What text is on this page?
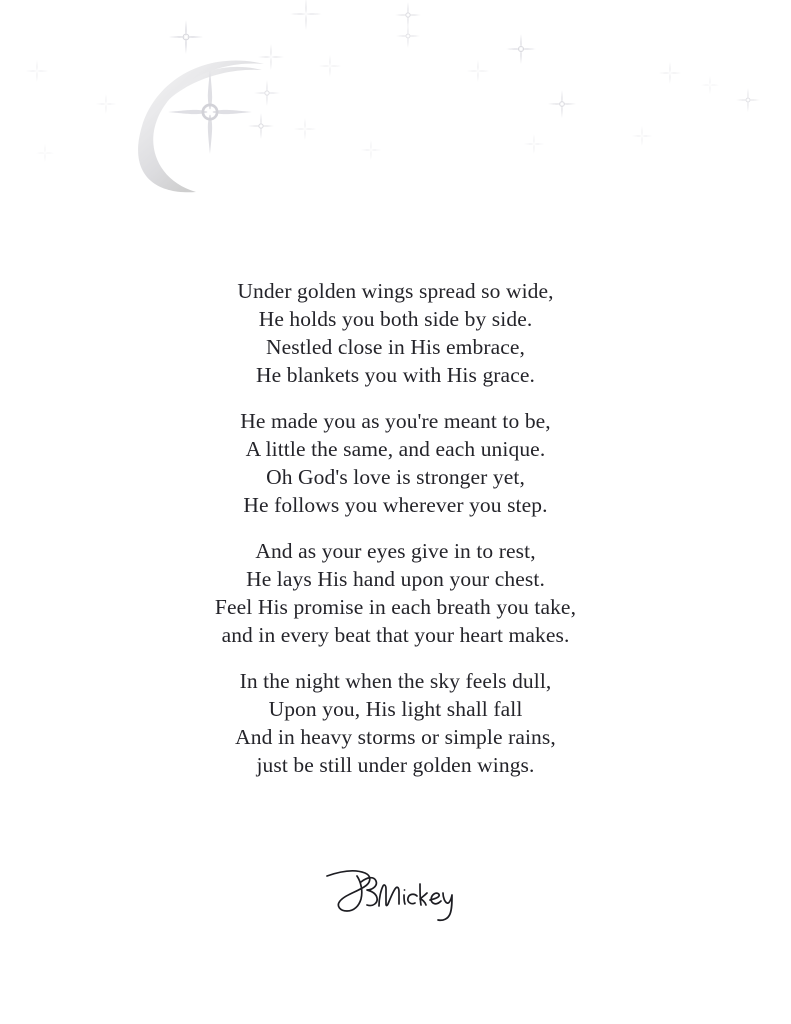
Under golden wings spread so wide,
He holds you both side by side.
Nestled close in His embrace,
He blankets you with His grace.
He made you as you're meant to be,
A little the same, and each unique.
Oh God's love is stronger yet,
He follows you wherever you step.
And as your eyes give in to rest,
He lays His hand upon your chest.
Feel His promise in each breath you take,
and in every beat that your heart makes.
In the night when the sky feels dull,
Upon you, His light shall fall
And in heavy storms or simple rains,
just be still under golden wings.
